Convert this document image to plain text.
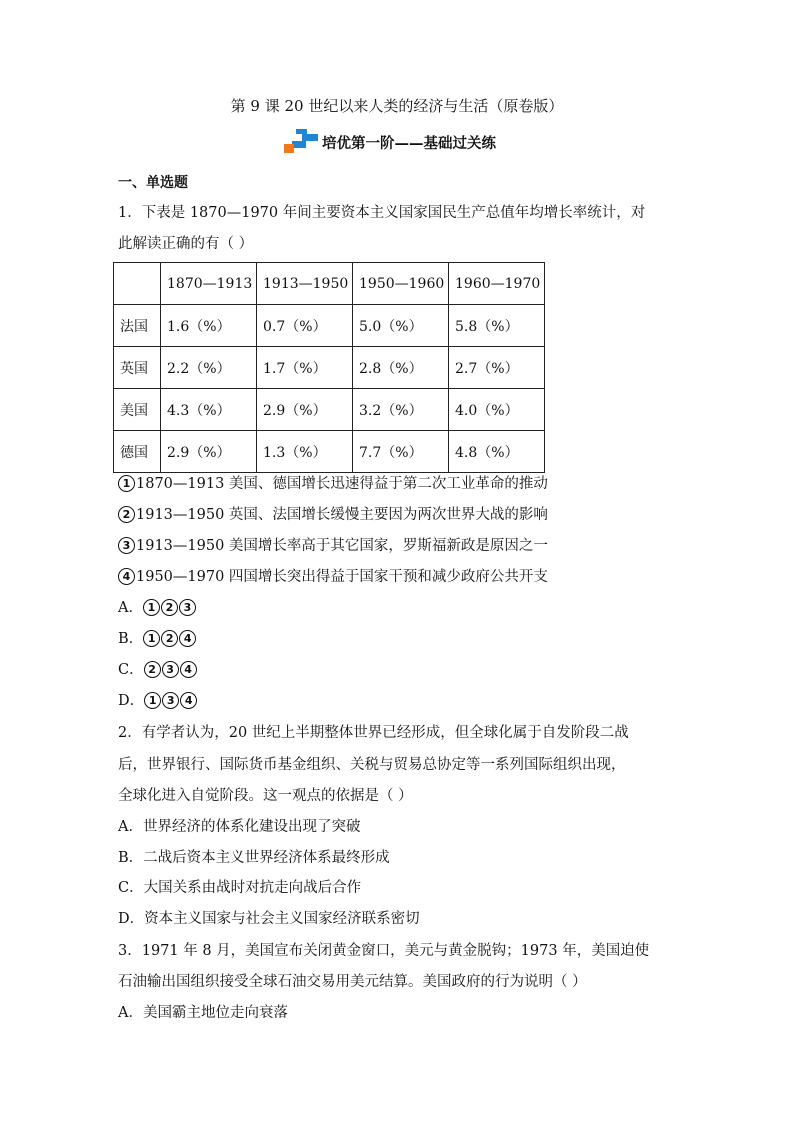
第 9 课 20 世纪以来人类的经济与生活（原卷版）
培优第一阶——基础过关练
一、单选题
1．下表是 1870—1970 年间主要资本主义国家国民生产总值年均增长率统计，对
此解读正确的有（ ）
	1870—1913	1913—1950	1950—1960	1960—1970
法国	1.6（%）	0.7（%）	5.0（%）	5.8（%）
英国	2.2（%）	1.7（%）	2.8（%）	2.7（%）
美国	4.3（%）	2.9（%）	3.2（%）	4.0（%）
德国	2.9（%）	1.3（%）	7.7（%）	4.8（%）
1 1870—1913 美国、德国增长迅速得益于第二次工业革命的推动
2 1913—1950 英国、法国增长缓慢主要因为两次世界大战的影响
3 1913—1950 美国增长率高于其它国家，罗斯福新政是原因之一
4 1950—1970 四国增长突出得益于国家干预和减少政府公共开支
A． 1 2 3
B． 1 2 4
C． 2 3 4
D． 1 3 4
2．有学者认为，20 世纪上半期整体世界已经形成，但全球化属于自发阶段二战
后，世界银行、国际货币基金组织、关税与贸易总协定等一系列国际组织出现，
全球化进入自觉阶段。这一观点的依据是（ ）
A．世界经济的体系化建设出现了突破
B．二战后资本主义世界经济体系最终形成
C．大国关系由战时对抗走向战后合作
D．资本主义国家与社会主义国家经济联系密切
3．1971 年 8 月，美国宣布关闭黄金窗口，美元与黄金脱钩；1973 年，美国迫使
石油输出国组织接受全球石油交易用美元结算。美国政府的行为说明（ ）
A．美国霸主地位走向衰落
